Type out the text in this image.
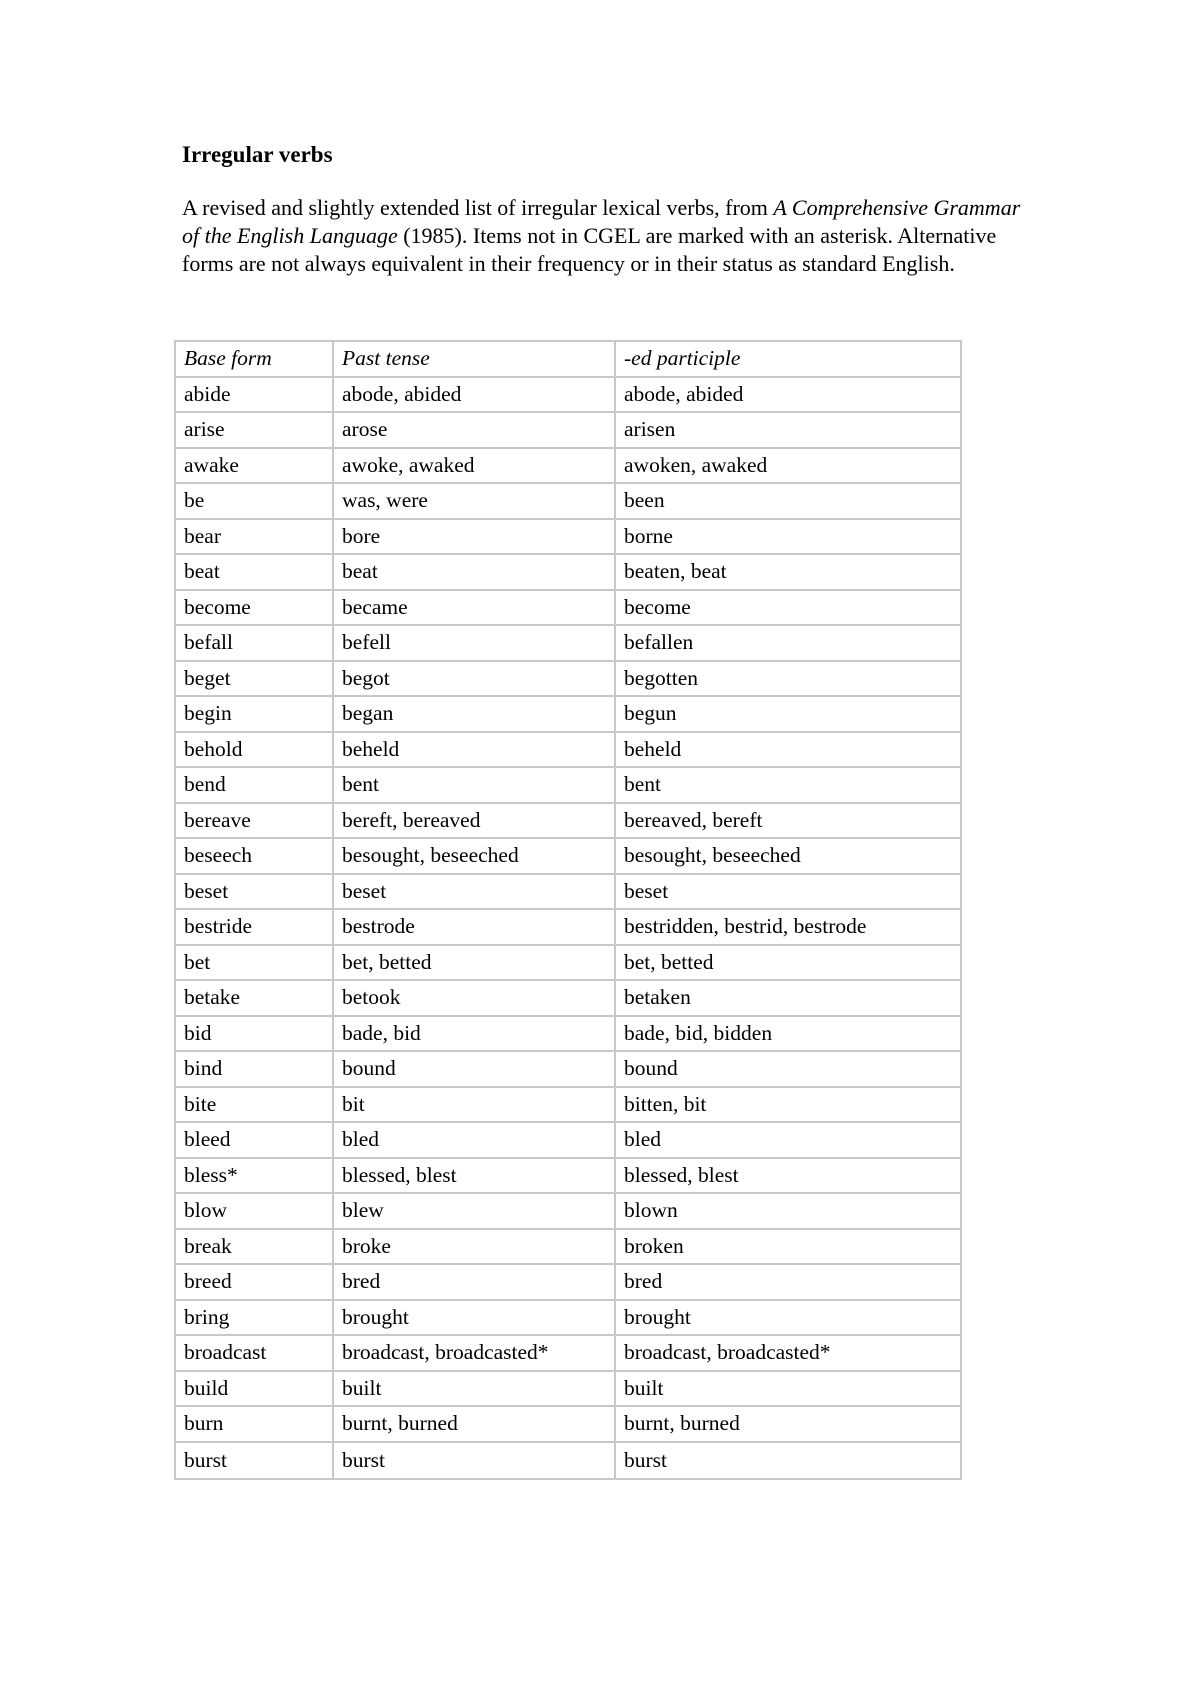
Irregular verbs
A revised and slightly extended list of irregular lexical verbs, from A Comprehensive Grammar of the English Language (1985). Items not in CGEL are marked with an asterisk. Alternative forms are not always equivalent in their frequency or in their status as standard English.
Base form	Past tense	-ed participle
abide	abode, abided	abode, abided
arise	arose	arisen
awake	awoke, awaked	awoken, awaked
be	was, were	been
bear	bore	borne
beat	beat	beaten, beat
become	became	become
befall	befell	befallen
beget	begot	begotten
begin	began	begun
behold	beheld	beheld
bend	bent	bent
bereave	bereft, bereaved	bereaved, bereft
beseech	besought, beseeched	besought, beseeched
beset	beset	beset
bestride	bestrode	bestridden, bestrid, bestrode
bet	bet, betted	bet, betted
betake	betook	betaken
bid	bade, bid	bade, bid, bidden
bind	bound	bound
bite	bit	bitten, bit
bleed	bled	bled
bless*	blessed, blest	blessed, blest
blow	blew	blown
break	broke	broken
breed	bred	bred
bring	brought	brought
broadcast	broadcast, broadcasted*	broadcast, broadcasted*
build	built	built
burn	burnt, burned	burnt, burned
burst	burst	burst
